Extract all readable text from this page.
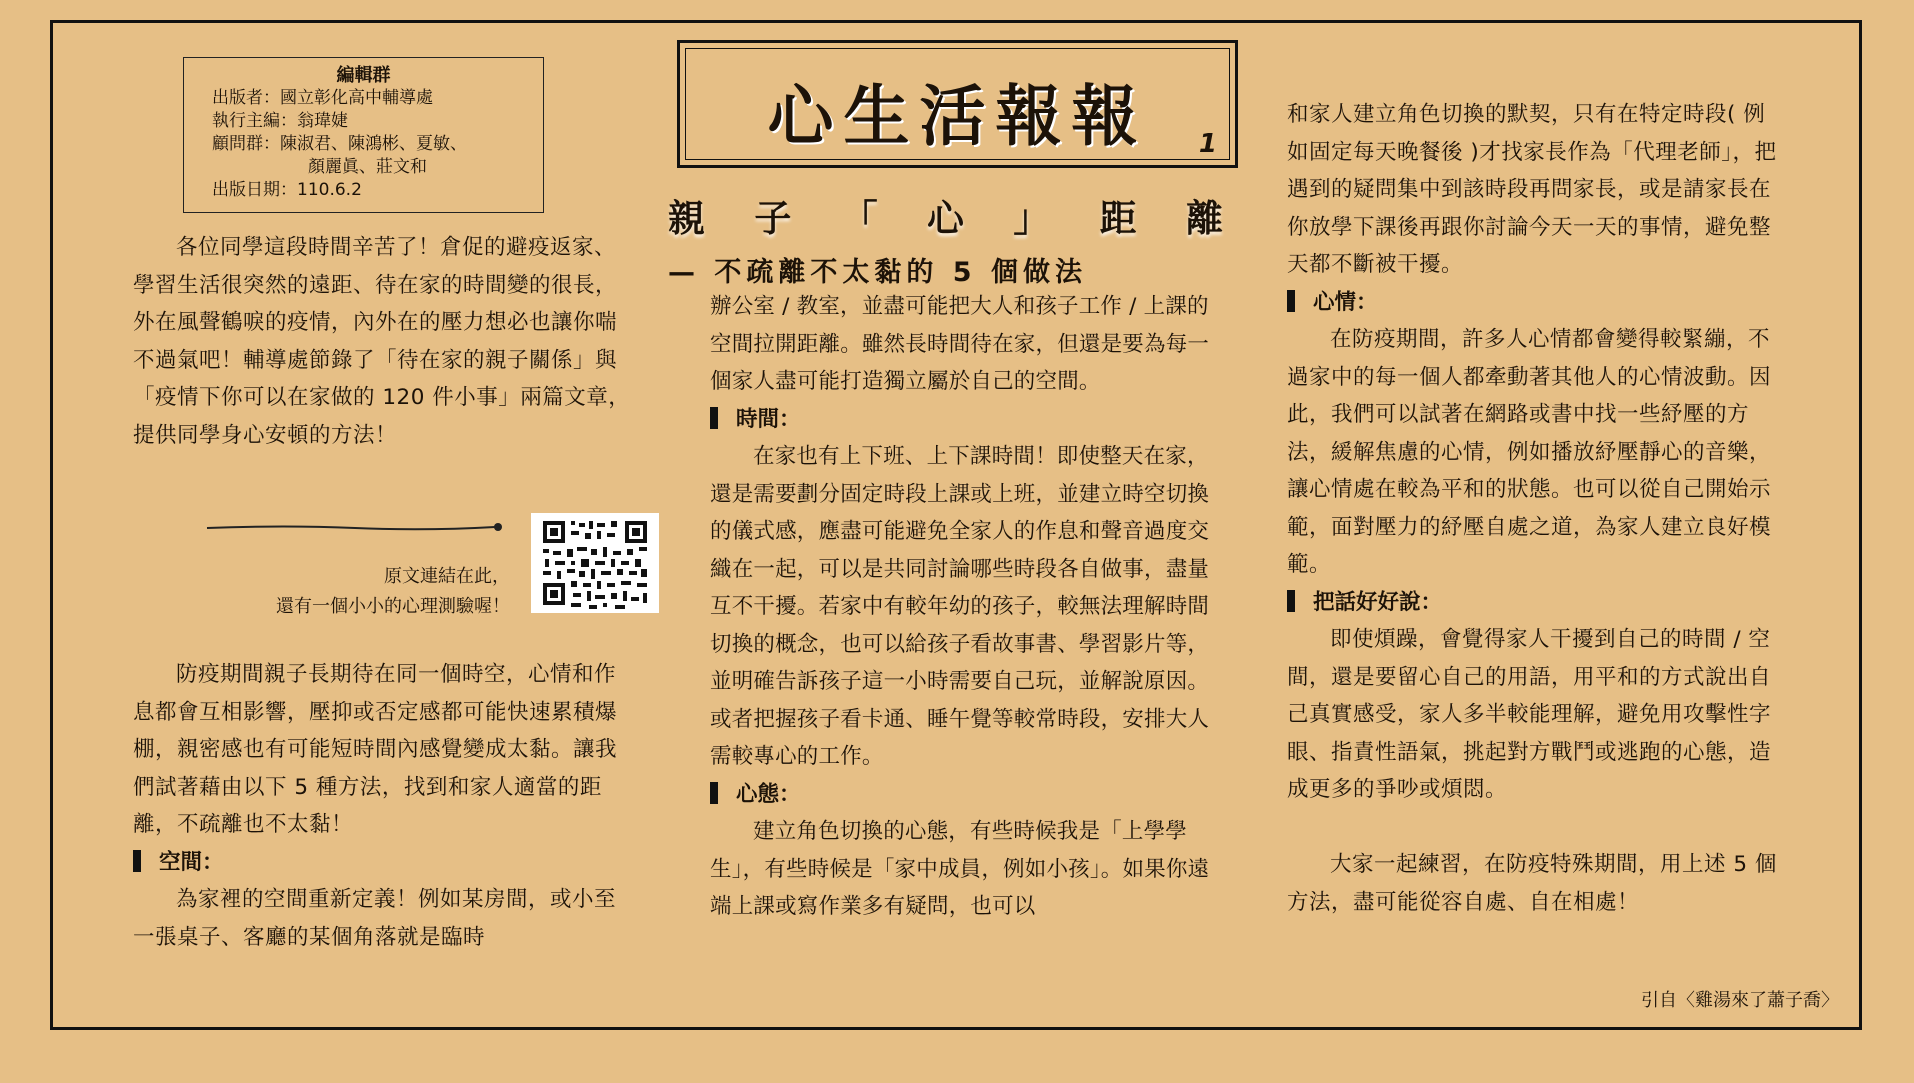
編輯群
出版者：國立彰化高中輔導處
執行主編：翁瑋婕
顧問群：陳淑君、陳鴻彬、夏敏、
顏麗眞、莊文和
出版日期：110.6.2

各位同學這段時間辛苦了！倉促的避疫返家、學習生活很突然的遠距、待在家的時間變的很長，外在風聲鶴唳的疫情，內外在的壓力想必也讓你喘不過氣吧！輔導處節錄了「待在家的親子關係」與「疫情下你可以在家做的 120 件小事」兩篇文章，提供同學身心安頓的方法！

原文連結在此，
還有一個小小的心理測驗喔！

防疫期間親子長期待在同一個時空，心情和作息都會互相影響，壓抑或否定感都可能快速累積爆棚，親密感也有可能短時間內感覺變成太黏。讓我們試著藉由以下 5 種方法，找到和家人適當的距離，不疏離也不太黏！

空間：

為家裡的空間重新定義！例如某房間，或小至一張桌子、客廳的某個角落就是臨時

心生活報報	1
親 子 「 心 」 距 離
— 不疏離不太黏的 5 個做法

辦公室 / 教室，並盡可能把大人和孩子工作 / 上課的空間拉開距離。雖然長時間待在家，但還是要為每一個家人盡可能打造獨立屬於自己的空間。

時間：

在家也有上下班、上下課時間！即使整天在家，還是需要劃分固定時段上課或上班，並建立時空切換的儀式感，應盡可能避免全家人的作息和聲音過度交織在一起，可以是共同討論哪些時段各自做事，盡量互不干擾。若家中有較年幼的孩子，較無法理解時間切換的概念，也可以給孩子看故事書、學習影片等，並明確告訴孩子這一小時需要自己玩，並解說原因。或者把握孩子看卡通、睡午覺等較常時段，安排大人需較專心的工作。

心態：

建立角色切換的心態，有些時候我是「上學學生」，有些時候是「家中成員，例如小孩」。如果你遠端上課或寫作業多有疑問，也可以

和家人建立角色切換的默契，只有在特定時段( 例如固定每天晚餐後 )才找家長作為「代理老師」，把遇到的疑問集中到該時段再問家長，或是請家長在你放學下課後再跟你討論今天一天的事情，避免整天都不斷被干擾。

心情：

在防疫期間，許多人心情都會變得較緊繃，不過家中的每一個人都牽動著其他人的心情波動。因此，我們可以試著在網路或書中找一些紓壓的方法，緩解焦慮的心情，例如播放紓壓靜心的音樂，讓心情處在較為平和的狀態。也可以從自己開始示範，面對壓力的紓壓自處之道，為家人建立良好模範。

把話好好說：

即使煩躁，會覺得家人干擾到自己的時間 / 空間，還是要留心自己的用語，用平和的方式說出自己真實感受，家人多半較能理解，避免用攻擊性字眼、指責性語氣，挑起對方戰鬥或逃跑的心態，造成更多的爭吵或煩悶。

大家一起練習，在防疫特殊期間，用上述 5 個方法，盡可能從容自處、自在相處！

引自〈雞湯來了蕭子喬〉
